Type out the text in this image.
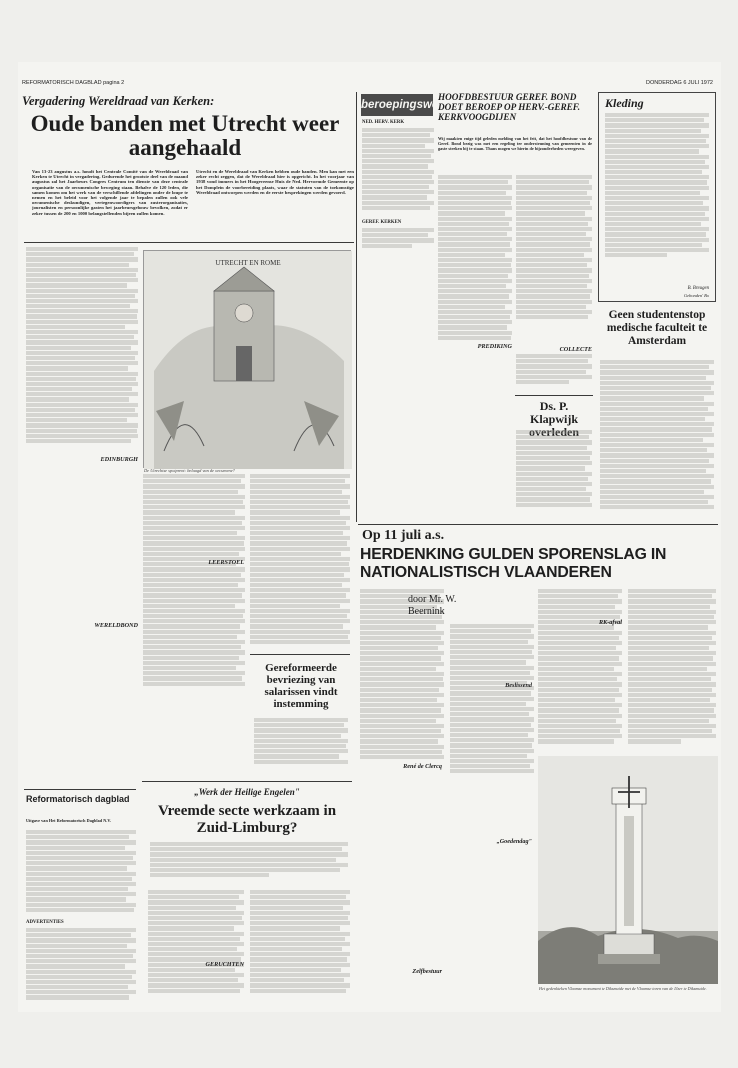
REFORMATORISCH DAGBLAD pagina 2	DONDERDAG 6 JULI 1972
Vergadering Wereldraad van Kerken:
Oude banden met Utrecht weer aangehaald
Van 13-23 augustus a.s. houdt het Centrale Comité van de Wereldraad van Kerken te Utrecht in vergadering. Gedurende het grootste deel van de maand augustus zal het Jaarbeurs Congres Centrum ten dienste van deze centrale organisatie van de oecumenische beweging staan. Behalve de 120 leden, die samen komen om het werk van de verschillende afdelingen onder de loupe te nemen en het beleid voor het volgende jaar te bepalen zullen ook vele oecumenische deskundigen, vertegenwoordigers van zusterorganisaties, journalisten en persoonlijke gasten het jaarbeursgebouw bevolken, zodat er zeker tussen de 200 en 1000 belangstellenden bijeen zullen komen.
Utrecht en de Wereldraad van Kerken hebben oude banden. Men kan met een zeker recht zeggen, dat de Wereldraad hier is opgericht. In het voorjaar van 1938 vond immers in het Hoogeveense Huis de Ned. Hervormde Gemeente op het Domplein de voorbereiding plaats, waar de statuten van de toekomstige Wereldraad ontworpen werden en de eerste besprekingen werden gevoerd.
EDINBURGH
WERELDBOND
UTRECHT EN ROME
De Utrechtse spotprent: belaagd van de oecumene?
LEERSTOEL
Gereformeerde bevriezing van salarissen vindt instemming
Reformatorisch dagblad
Uitgave van Het Reformatorisch Dagblad N.V.
ADVERTENTIES
„Werk der Heilige Engelen"
Vreemde secte werkzaam in Zuid-Limburg?
GERUCHTEN
beroepingswerk
NED. HERV. KERK
GEREF. KERKEN
HOOFDBESTUUR GEREF. BOND DOET BEROEP OP HERV.-GEREF. KERKVOOGDIJEN
Wij maakten enige tijd geleden melding van het feit, dat het hoofdbestuur van de Geref. Bond bezig was met een regeling ter ondersteuning van gemeenten in de gaste streken bij te staan. Thans mogen we hierin de bijzonderheden weergeven.
PREDIKING	COLLECTE
Ds. P. Klapwijk overleden
Kleding
B. Breugen
Gebonden' Bo
Geen studentenstop medische faculteit te Amsterdam
Op 11 juli a.s.
HERDENKING GULDEN SPORENSLAG IN NATIONALISTISCH VLAANDEREN
door Mr. W. Beernink
René de Clercq
Zelfbestuur
Beslissend
„Goedendag"
RK-afval
Het gedenkteken Vlaamse monument te Diksmuide met de Vlaamse toren van de IJzer te Diksmuide.
